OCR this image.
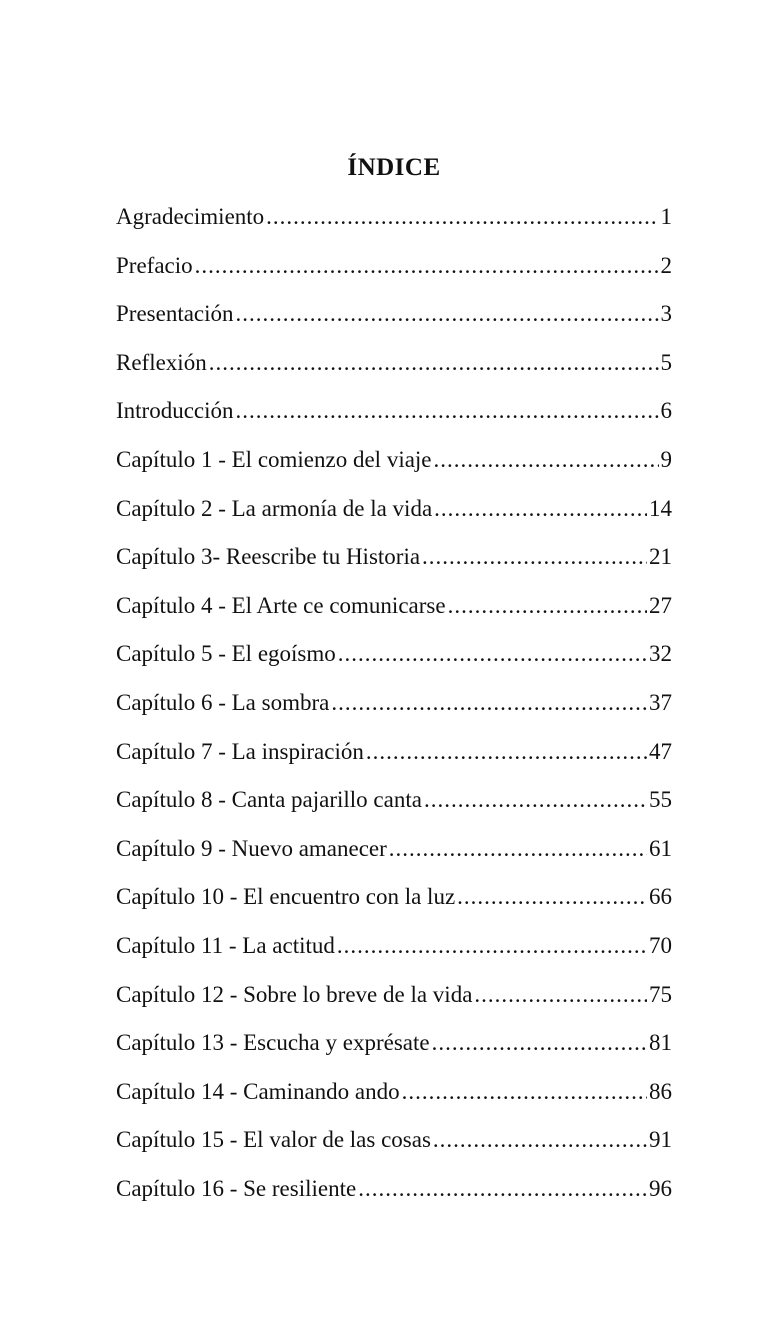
ÍNDICE
Agradecimiento .....	1
Prefacio .....	2
Presentación .....	3
Reflexión .....	5
Introducción .....	6
Capítulo 1 - El comienzo del viaje .....	9
Capítulo 2 - La armonía de la vida .....	14
Capítulo 3- Reescribe tu Historia .....	21
Capítulo 4 - El Arte ce comunicarse .....	27
Capítulo 5 - El egoísmo .....	32
Capítulo 6 - La sombra .....	37
Capítulo 7 - La inspiración .....	47
Capítulo 8 - Canta pajarillo canta .....	55
Capítulo 9 - Nuevo amanecer .....	61
Capítulo 10 - El encuentro con la luz .....	66
Capítulo 11 - La actitud .....	70
Capítulo 12 - Sobre lo breve de la vida .....	75
Capítulo 13 - Escucha y exprésate .....	81
Capítulo 14 - Caminando ando .....	86
Capítulo 15 - El valor de las cosas .....	91
Capítulo 16 - Se resiliente .....	96
